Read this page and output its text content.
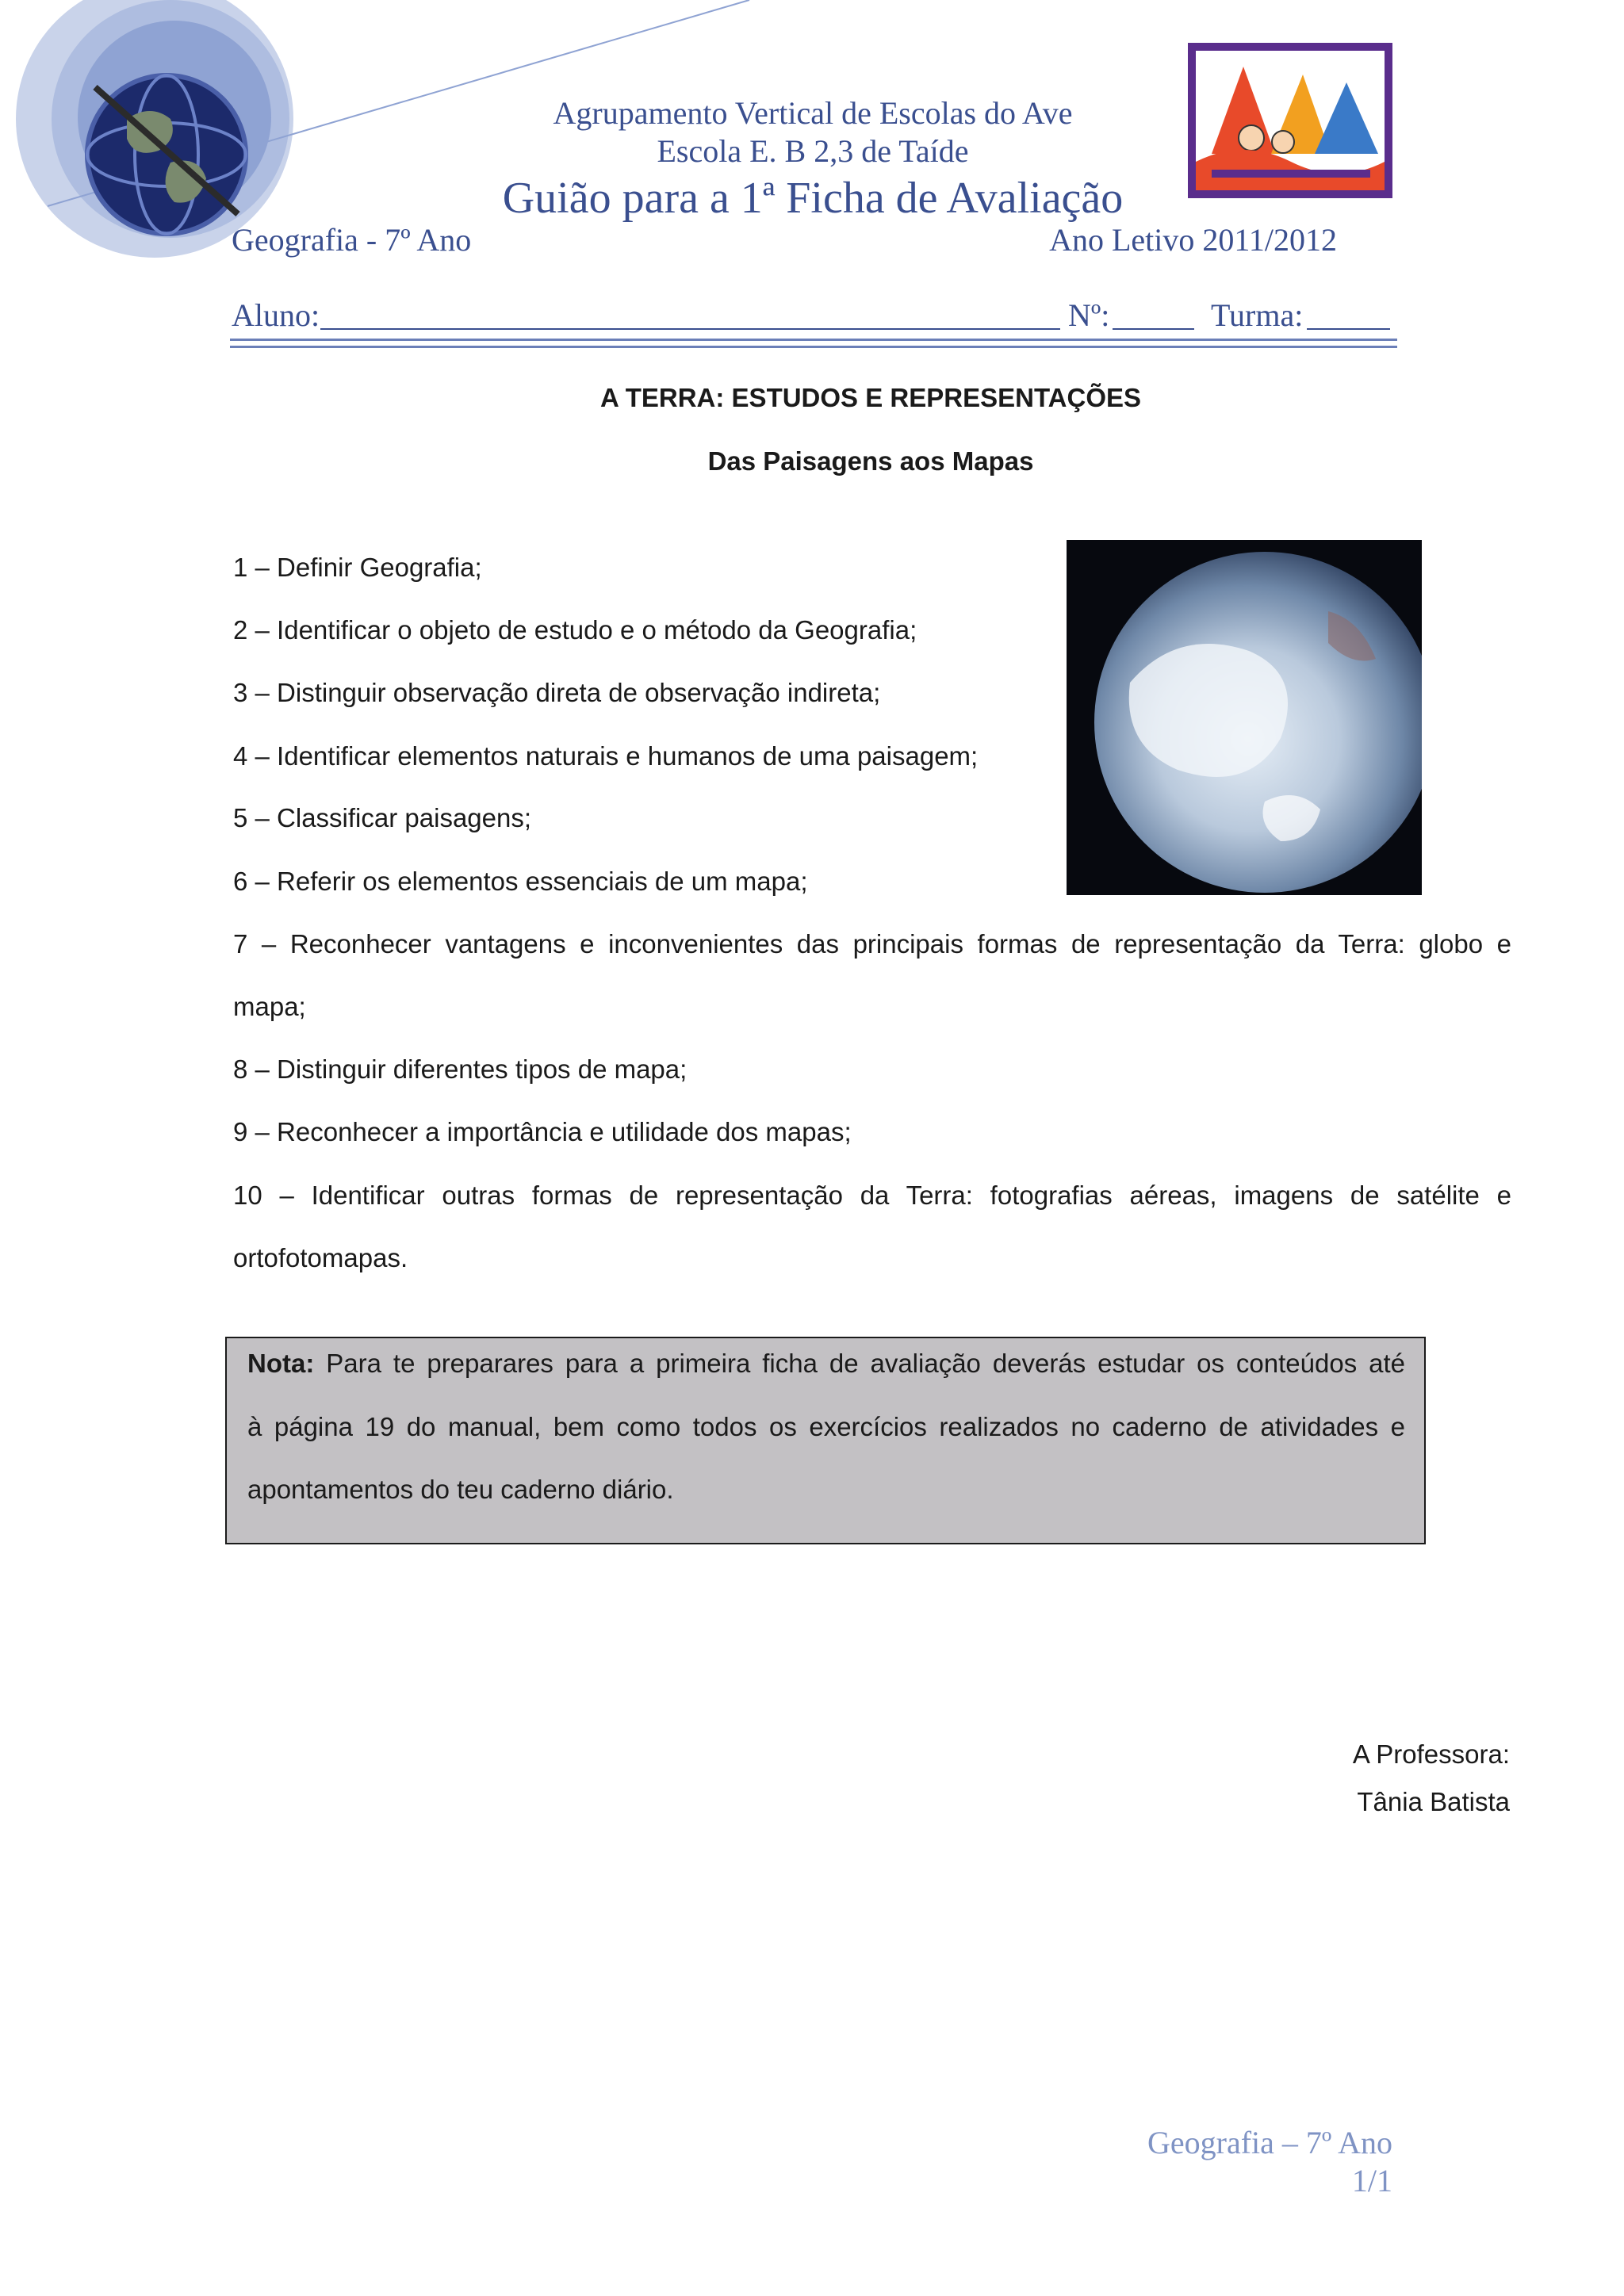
Agrupamento Vertical de Escolas do Ave
Escola E. B 2,3 de Taíde
Guião para a 1ª Ficha de Avaliação
Geografia - 7º Ano	Ano Letivo 2011/2012
Aluno:	Nº:	Turma:
A TERRA: ESTUDOS E REPRESENTAÇÕES
Das Paisagens aos Mapas
1 – Definir Geografia;
2 – Identificar o objeto de estudo e o método da Geografia;
3 – Distinguir observação direta de observação indireta;
4 – Identificar elementos naturais e humanos de uma paisagem;
5 – Classificar paisagens;
6 – Referir os elementos essenciais de um mapa;
7 – Reconhecer vantagens e inconvenientes das principais formas de representação da Terra: globo e
mapa;
8 – Distinguir diferentes tipos de mapa;
9 – Reconhecer a importância e utilidade dos mapas;
10 – Identificar outras formas de representação da Terra: fotografias aéreas, imagens de satélite e
ortofotomapas.
Nota: Para te preparares para a primeira ficha de avaliação deverás estudar os conteúdos até
à página 19 do manual, bem como todos os exercícios realizados no caderno de atividades e
apontamentos do teu caderno diário.
A Professora:
Tânia Batista
Geografia – 7º Ano
1/1
